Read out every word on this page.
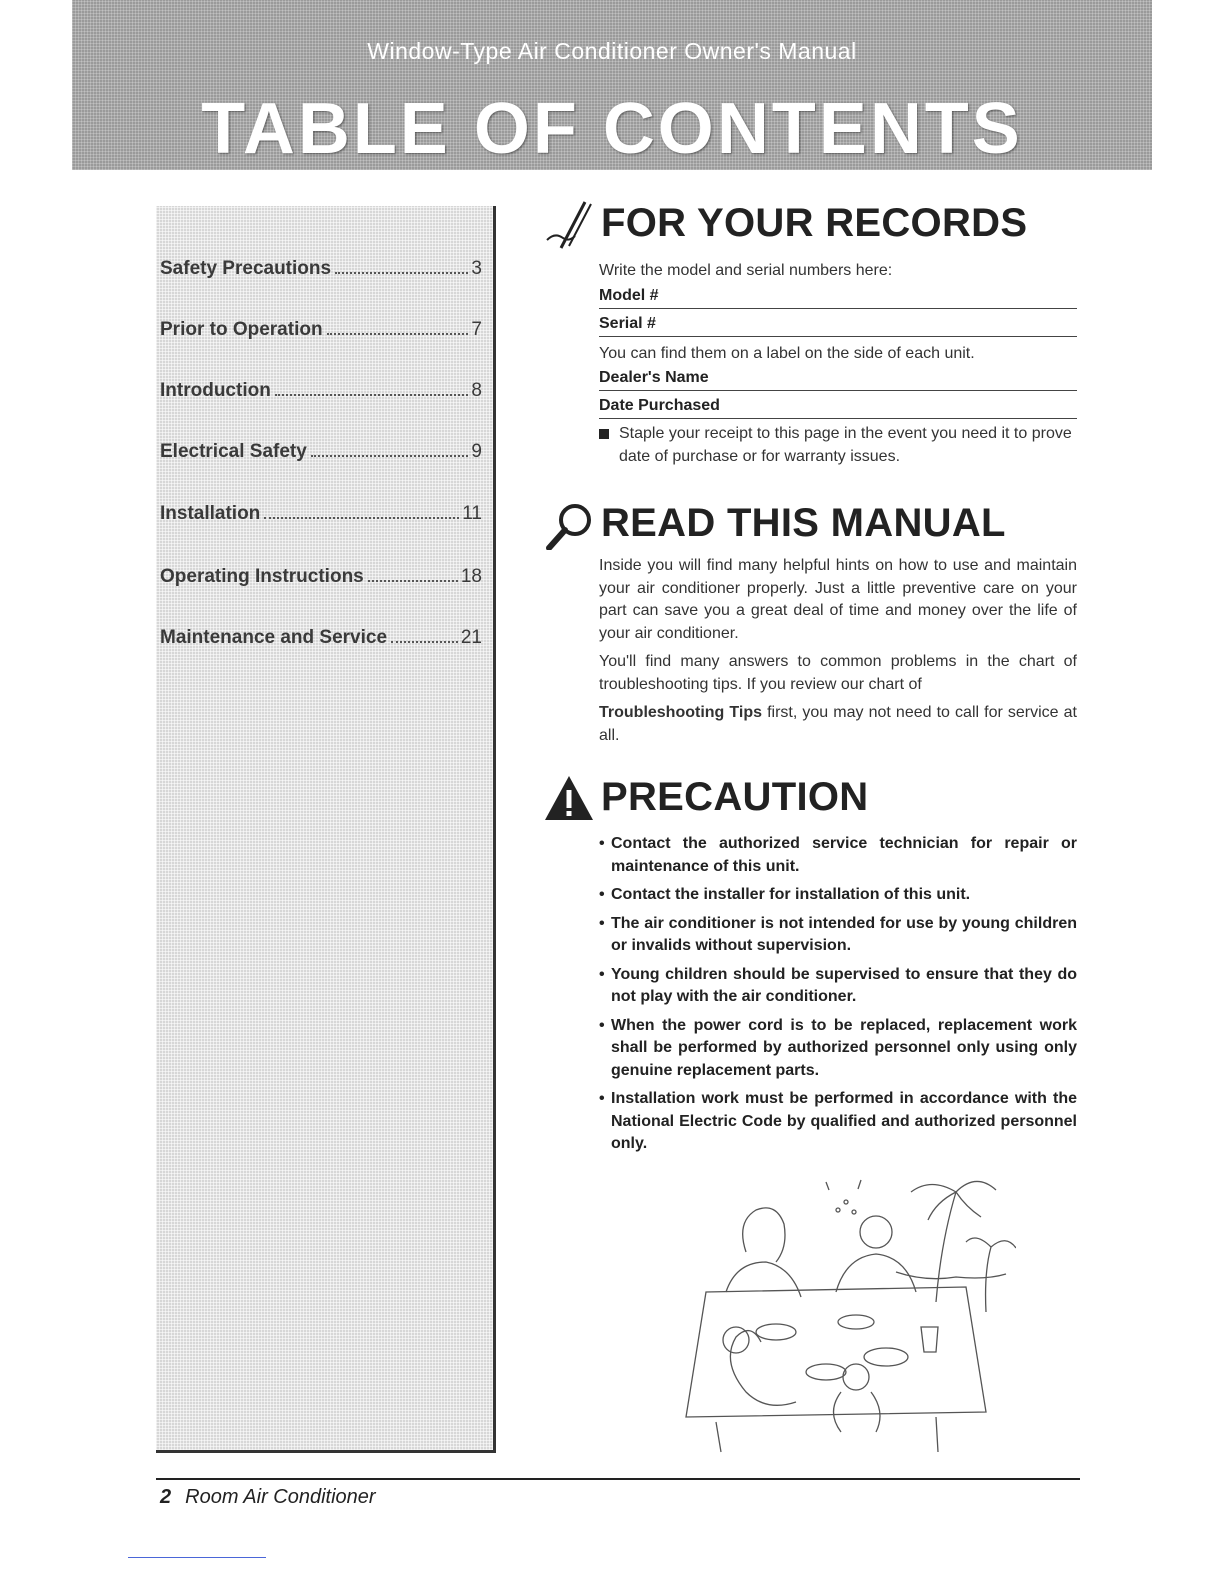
Window-Type Air Conditioner Owner's Manual
TABLE OF CONTENTS
Safety Precautions	3
Prior to Operation	7
Introduction	8
Electrical Safety	9
Installation	11
Operating Instructions	18
Maintenance and Service	21
FOR YOUR RECORDS

Write the model and serial numbers here:

Model #

Serial #

You can find them on a label on the side of each unit.

Dealer's Name

Date Purchased

Staple your receipt to this page in the event you need it to prove date of purchase or for warranty issues.
READ THIS MANUAL

Inside you will find many helpful hints on how to use and maintain your air conditioner properly. Just a little preventive care on your part can save you a great deal of time and money over the life of your air conditioner.

You'll find many answers to common problems in the chart of troubleshooting tips. If you review our chart of

Troubleshooting Tips first, you may not need to call for service at all.

PRECAUTION

• Contact the authorized service technician for repair or maintenance of this unit.

• Contact the installer for installation of this unit.

• The air conditioner is not intended for use by young children or invalids without supervision.

• Young children should be supervised to ensure that they do not play with the air conditioner.

• When the power cord is to be replaced, replacement work shall be performed by authorized personnel only using only genuine replacement parts.

• Installation work must be performed in accordance with the National Electric Code by qualified and authorized personnel only.

2 Room Air Conditioner
